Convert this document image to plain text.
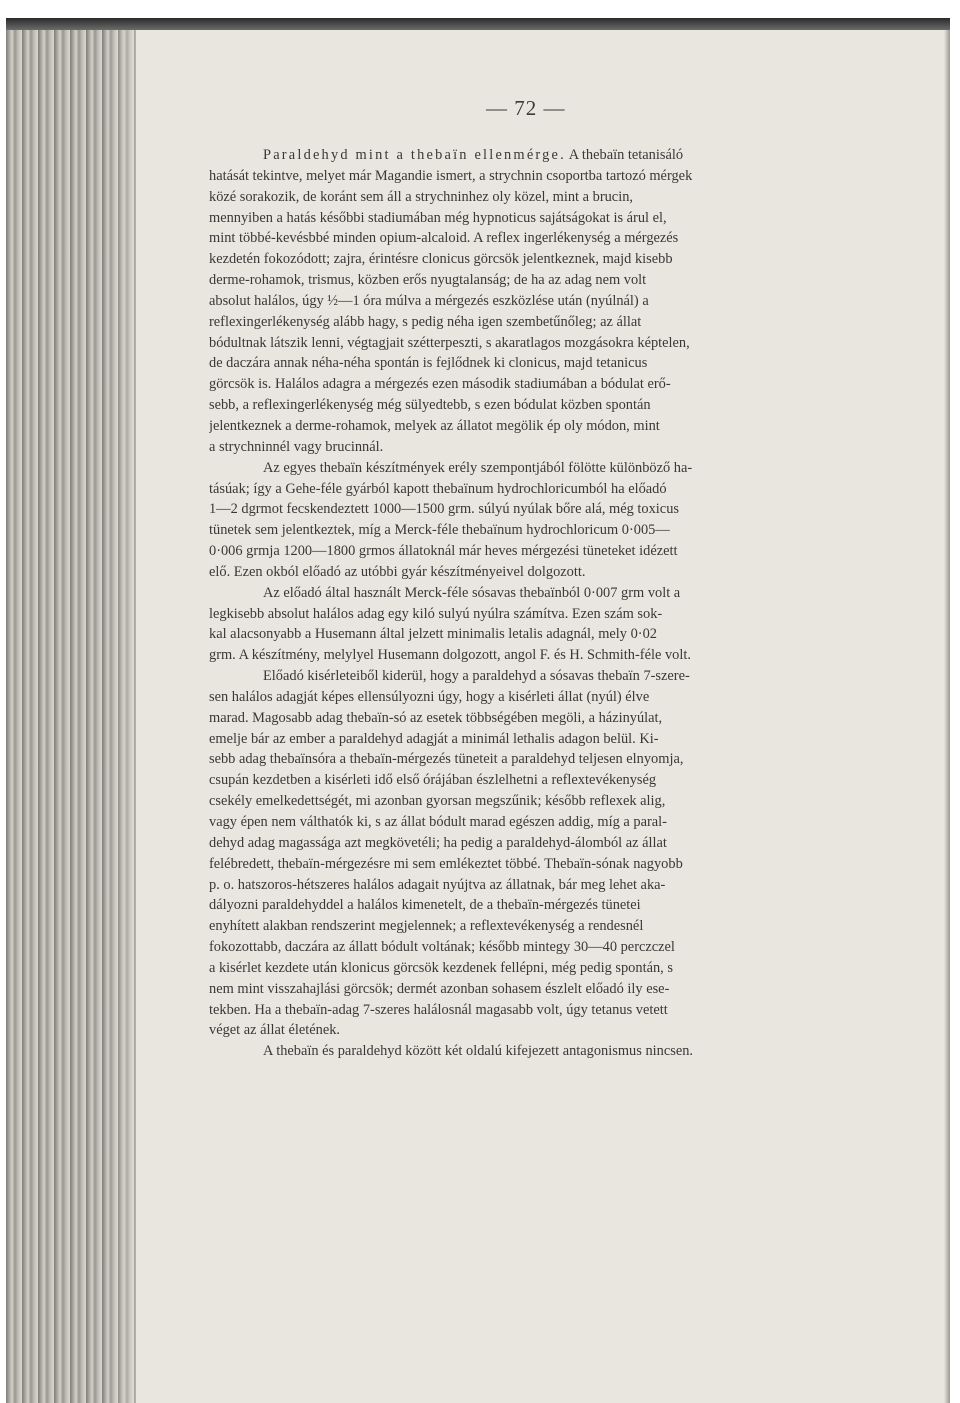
— 72 —
Paraldehyd mint a thebaïn ellenmérge. A thebaïn tetanisáló
hatását tekintve, melyet már Magandie ismert, a strychnin csoportba tartozó mérgek
közé sorakozik, de koránt sem áll a strychninhez oly közel, mint a brucin,
mennyiben a hatás későbbi stadiumában még hypnoticus sajátságokat is árul el,
mint többé-kevésbbé minden opium-alcaloid. A reflex ingerlékenység a mérgezés
kezdetén fokozódott; zajra, érintésre clonicus görcsök jelentkeznek, majd kisebb
derme-rohamok, trismus, közben erős nyugtalanság; de ha az adag nem volt
absolut halálos, úgy ½—1 óra múlva a mérgezés eszközlése után (nyúlnál) a
reflexingerlékenység alább hagy, s pedig néha igen szembetűnőleg; az állat
bódultnak látszik lenni, végtagjait szétterpeszti, s akaratlagos mozgásokra képtelen,
de daczára annak néha-néha spontán is fejlődnek ki clonicus, majd tetanicus
görcsök is. Halálos adagra a mérgezés ezen második stadiumában a bódulat erő-
sebb, a reflexingerlékenység még sülyedtebb, s ezen bódulat közben spontán
jelentkeznek a derme-rohamok, melyek az állatot megölik ép oly módon, mint
a strychninnél vagy brucinnál.
Az egyes thebaïn készítmények erély szempontjából fölötte különböző ha-
tásúak; így a Gehe-féle gyárból kapott thebaïnum hydrochloricumból ha előadó
1—2 dgrmot fecskendeztett 1000—1500 grm. súlyú nyúlak bőre alá, még toxicus
tünetek sem jelentkeztek, míg a Merck-féle thebaïnum hydrochloricum 0·005—
0·006 grmja 1200—1800 grmos állatoknál már heves mérgezési tüneteket idézett
elő. Ezen okból előadó az utóbbi gyár készítményeivel dolgozott.
Az előadó által használt Merck-féle sósavas thebaïnból 0·007 grm volt a
legkisebb absolut halálos adag egy kiló sulyú nyúlra számítva. Ezen szám sok-
kal alacsonyabb a Husemann által jelzett minimalis letalis adagnál, mely 0·02
grm. A készítmény, melylyel Husemann dolgozott, angol F. és H. Schmith-féle volt.
Előadó kisérleteiből kiderül, hogy a paraldehyd a sósavas thebaïn 7-szere-
sen halálos adagját képes ellensúlyozni úgy, hogy a kisérleti állat (nyúl) élve
marad. Magosabb adag thebaïn-só az esetek többségében megöli, a házinyúlat,
emelje bár az ember a paraldehyd adagját a minimál lethalis adagon belül. Ki-
sebb adag thebaïnsóra a thebaïn-mérgezés tüneteit a paraldehyd teljesen elnyomja,
csupán kezdetben a kisérleti idő első órájában észlelhetni a reflextevékenység
csekély emelkedettségét, mi azonban gyorsan megszűnik; később reflexek alig,
vagy épen nem válthatók ki, s az állat bódult marad egészen addig, míg a paral-
dehyd adag magassága azt megkövetéli; ha pedig a paraldehyd-álomból az állat
felébredett, thebaïn-mérgezésre mi sem emlékeztet többé. Thebaïn-sónak nagyobb
p. o. hatszoros-hétszeres halálos adagait nyújtva az állatnak, bár meg lehet aka-
dályozni paraldehyddel a halálos kimenetelt, de a thebaïn-mérgezés tünetei
enyhített alakban rendszerint megjelennek; a reflextevékenység a rendesnél
fokozottabb, daczára az állatt bódult voltának; később mintegy 30—40 perczczel
a kisérlet kezdete után klonicus görcsök kezdenek fellépni, még pedig spontán, s
nem mint visszahajlási görcsök; dermét azonban sohasem észlelt előadó ily ese-
tekben. Ha a thebaïn-adag 7-szeres halálosnál magasabb volt, úgy tetanus vetett
véget az állat életének.
A thebaïn és paraldehyd között két oldalú kifejezett antagonismus nincsen.
